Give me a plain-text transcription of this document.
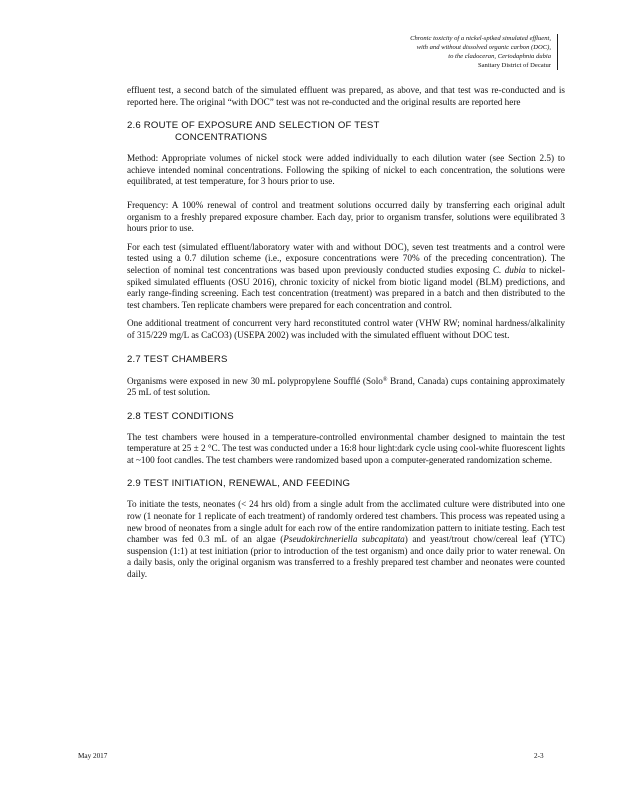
Chronic toxicity of a nickel-spiked simulated effluent,
with and without dissolved organic carbon (DOC),
to the cladoceran, Ceriodaphnia dubia
Sanitary District of Decatur

effluent test, a second batch of the simulated effluent was prepared, as above, and that test was re-conducted and is reported here. The original “with DOC” test was not re-conducted and the original results are reported here

2.6 ROUTE OF EXPOSURE AND SELECTION OF TEST
CONCENTRATIONS

Method: Appropriate volumes of nickel stock were added individually to each dilution water (see Section 2.5) to achieve intended nominal concentrations. Following the spiking of nickel to each concentration, the solutions were equilibrated, at test temperature, for 3 hours prior to use.

Frequency: A 100% renewal of control and treatment solutions occurred daily by transferring each original adult organism to a freshly prepared exposure chamber. Each day, prior to organism transfer, solutions were equilibrated 3 hours prior to use.

For each test (simulated effluent/laboratory water with and without DOC), seven test treatments and a control were tested using a 0.7 dilution scheme (i.e., exposure concentrations were 70% of the preceding concentration). The selection of nominal test concentrations was based upon previously conducted studies exposing C. dubia to nickel-spiked simulated effluents (OSU 2016), chronic toxicity of nickel from biotic ligand model (BLM) predictions, and early range-finding screening. Each test concentration (treatment) was prepared in a batch and then distributed to the test chambers. Ten replicate chambers were prepared for each concentration and control.

One additional treatment of concurrent very hard reconstituted control water (VHW RW; nominal hardness/alkalinity of 315/229 mg/L as CaCO3) (USEPA 2002) was included with the simulated effluent without DOC test.

2.7 TEST CHAMBERS

Organisms were exposed in new 30 mL polypropylene Soufflé (Solo® Brand, Canada) cups containing approximately 25 mL of test solution.

2.8 TEST CONDITIONS

The test chambers were housed in a temperature-controlled environmental chamber designed to maintain the test temperature at 25 ± 2 °C. The test was conducted under a 16:8 hour light:dark cycle using cool-white fluorescent lights at ~100 foot candles. The test chambers were randomized based upon a computer-generated randomization scheme.

2.9 TEST INITIATION, RENEWAL, AND FEEDING

To initiate the tests, neonates (< 24 hrs old) from a single adult from the acclimated culture were distributed into one row (1 neonate for 1 replicate of each treatment) of randomly ordered test chambers. This process was repeated using a new brood of neonates from a single adult for each row of the entire randomization pattern to initiate testing. Each test chamber was fed 0.3 mL of an algae (Pseudokirchneriella subcapitata) and yeast/trout chow/cereal leaf (YTC) suspension (1:1) at test initiation (prior to introduction of the test organism) and once daily prior to water renewal. On a daily basis, only the original organism was transferred to a freshly prepared test chamber and neonates were counted daily.

May 2017	2-3
